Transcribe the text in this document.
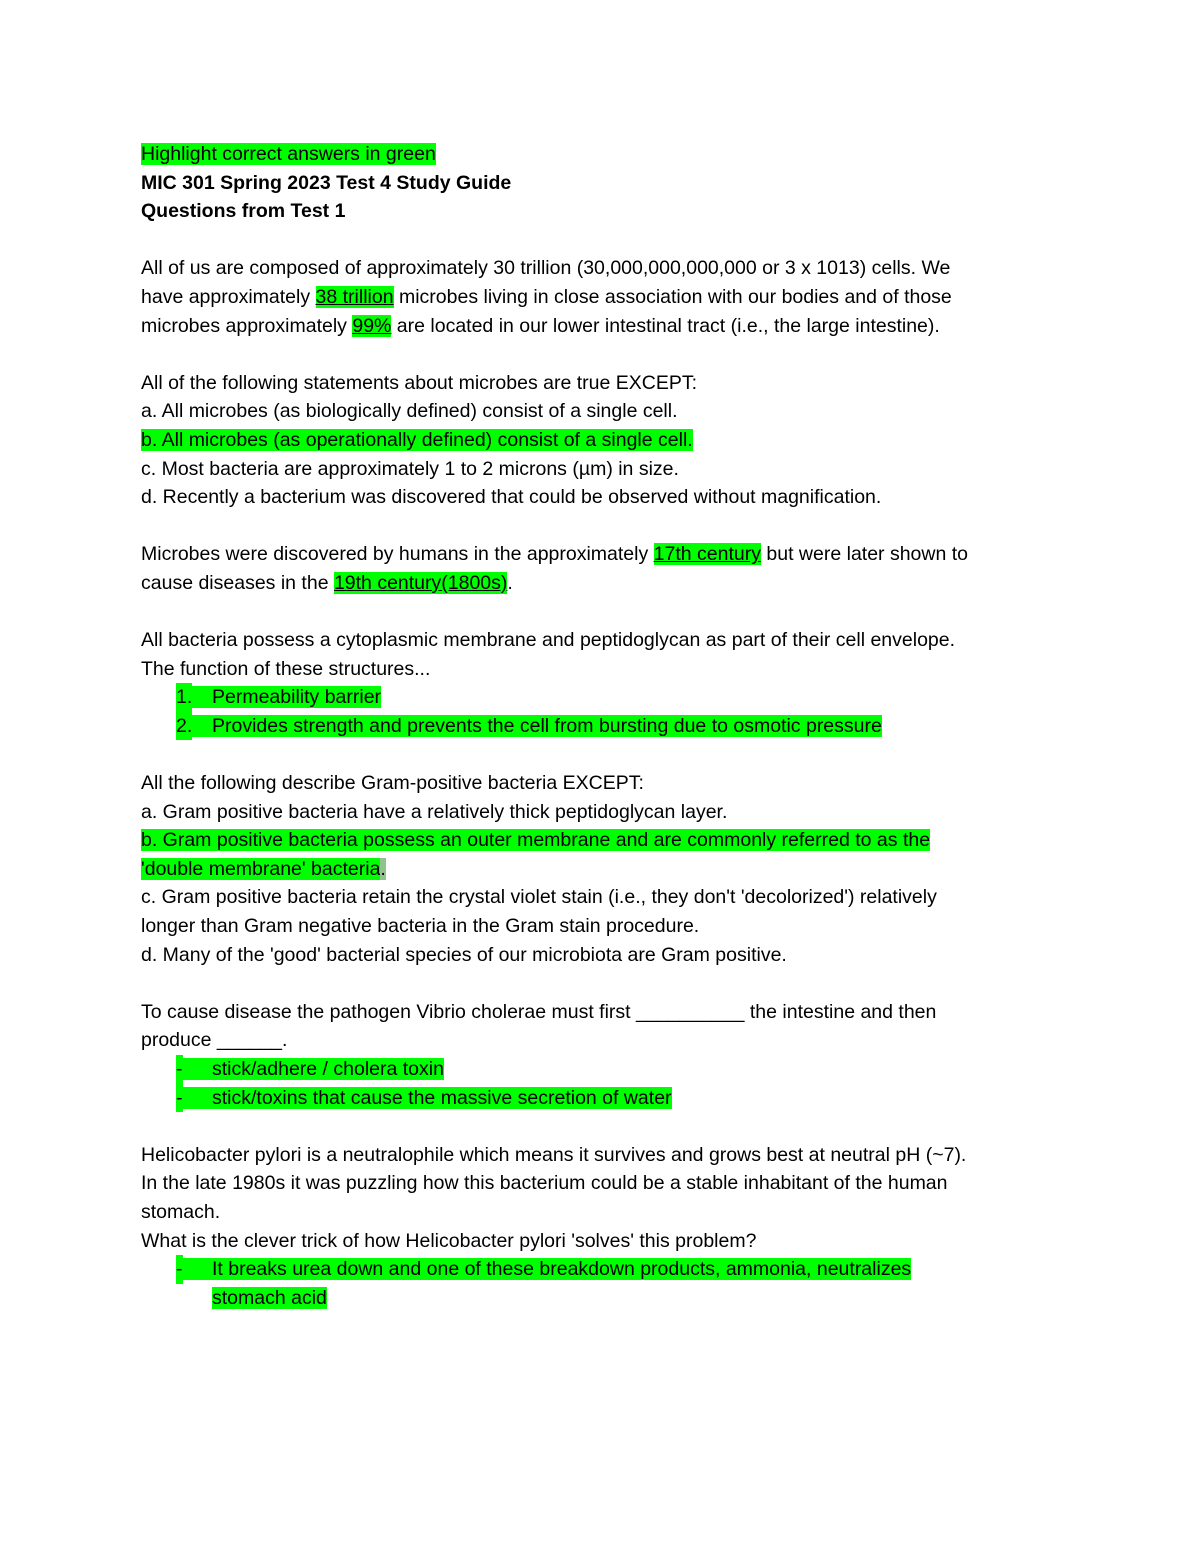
Highlight correct answers in green
MIC 301 Spring 2023 Test 4 Study Guide
Questions from Test 1
All of us are composed of approximately 30 trillion (30,000,000,000,000 or 3 x 1013) cells. We
have approximately 38 trillion microbes living in close association with our bodies and of those
microbes approximately 99% are located in our lower intestinal tract (i.e., the large intestine).
All of the following statements about microbes are true EXCEPT:
a. All microbes (as biologically defined) consist of a single cell.
b. All microbes (as operationally defined) consist of a single cell.
c. Most bacteria are approximately 1 to 2 microns (µm) in size.
d. Recently a bacterium was discovered that could be observed without magnification.
Microbes were discovered by humans in the approximately 17th century but were later shown to
cause diseases in the 19th century(1800s).
All bacteria possess a cytoplasmic membrane and peptidoglycan as part of their cell envelope.
The function of these structures...
1. Permeability barrier
2. Provides strength and prevents the cell from bursting due to osmotic pressure
All the following describe Gram-positive bacteria EXCEPT:
a. Gram positive bacteria have a relatively thick peptidoglycan layer.
b. Gram positive bacteria possess an outer membrane and are commonly referred to as the
'double membrane' bacteria.
c. Gram positive bacteria retain the crystal violet stain (i.e., they don't 'decolorized') relatively
longer than Gram negative bacteria in the Gram stain procedure.
d. Many of the 'good' bacterial species of our microbiota are Gram positive.
To cause disease the pathogen Vibrio cholerae must first __________ the intestine and then
produce ______.
- stick/adhere / cholera toxin
- stick/toxins that cause the massive secretion of water
Helicobacter pylori is a neutralophile which means it survives and grows best at neutral pH (~7).
In the late 1980s it was puzzling how this bacterium could be a stable inhabitant of the human
stomach.
What is the clever trick of how Helicobacter pylori 'solves' this problem?
- It breaks urea down and one of these breakdown products, ammonia, neutralizes
stomach acid
